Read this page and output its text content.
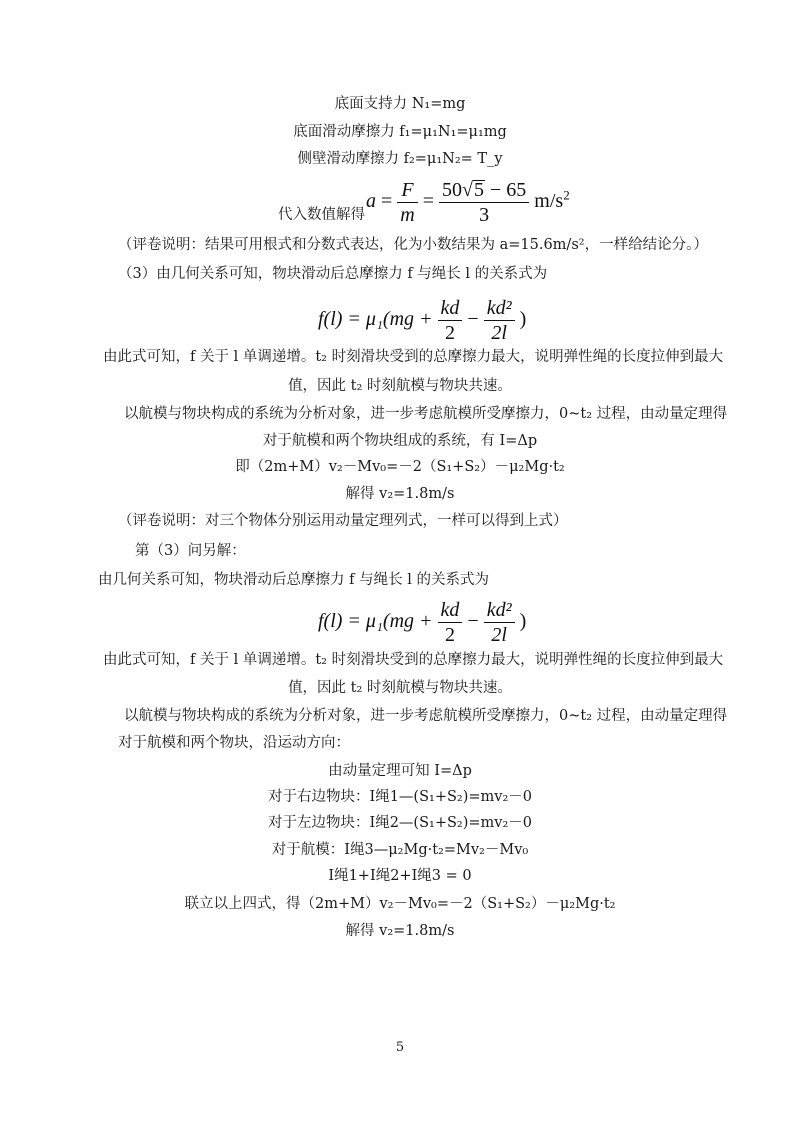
底面支持力 N₁=mg
底面滑动摩擦力 f₁=μ₁N₁=μ₁mg
侧壁滑动摩擦力 f₂=μ₁N₂= T_y
代入数值解得
$a = \frac{F}{m} = \frac{50√5 - 65}{3} m/s^2$
（评卷说明：结果可用根式和分数式表达，化为小数结果为 a=15.6m/s²，一样给结论分。）
（3）由几何关系可知，物块滑动后总摩擦力 f 与绳长 l 的关系式为
$f(l) = \mu_1(mg + \frac{kd}{2} - \frac{\text{kd²}}{2l}$ )
由此式可知，f 关于 l 单调递增。t₂ 时刻滑块受到的总摩擦力最大，说明弹性绳的长度拉伸到最大
值，因此 t₂ 时刻航模与物块共速。
以航模与物块构成的系统为分析对象，进一步考虑航模所受摩擦力，0~t₂ 过程，由动量定理得
对于航模和两个物块组成的系统，有 I=Δp
即（2m+M）v₂－Mv₀=－2（S₁+S₂）－μ₂Mg·t₂
解得 v₂=1.8m/s
（评卷说明：对三个物体分别运用动量定理列式，一样可以得到上式）
第（3）问另解：
由几何关系可知，物块滑动后总摩擦力 f 与绳长 l 的关系式为
$f(l) = \mu_1(mg + \frac{kd}{2} - \frac{\text{kd²}}{2l}$ )
由此式可知，f 关于 l 单调递增。t₂ 时刻滑块受到的总摩擦力最大，说明弹性绳的长度拉伸到最大
值，因此 t₂ 时刻航模与物块共速。
以航模与物块构成的系统为分析对象，进一步考虑航模所受摩擦力，0~t₂ 过程，由动量定理得
对于航模和两个物块，沿运动方向：
由动量定理可知 I=Δp
对于右边物块：I绳1—(S₁+S₂)=mv₂－0
对于左边物块：I绳2—(S₁+S₂)=mv₂－0
对于航模：I绳3—μ₂Mg·t₂=Mv₂－Mv₀
I绳1+I绳2+I绳3 = 0
联立以上四式，得（2m+M）v₂－Mv₀=－2（S₁+S₂）－μ₂Mg·t₂
解得 v₂=1.8m/s
5
